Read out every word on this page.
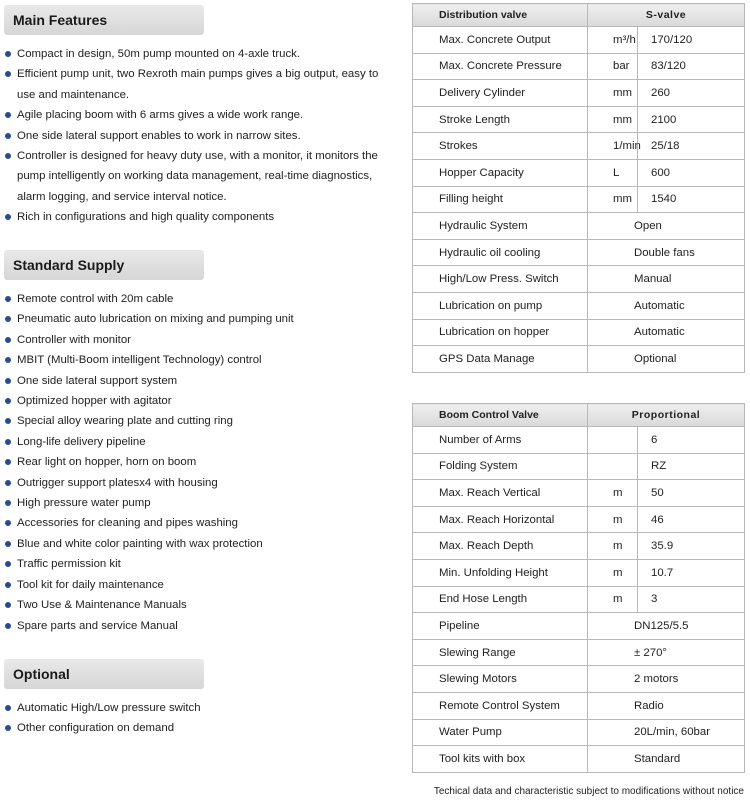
Main Features
Compact in design, 50m pump mounted on 4-axle truck.
Efficient pump unit, two Rexroth main pumps gives a big output, easy to use and maintenance.
Agile placing boom with 6 arms gives a wide work range.
One side lateral support enables to work in narrow sites.
Controller is designed for heavy duty use, with a monitor, it monitors the pump intelligently on working data management, real-time diagnostics, alarm logging, and service interval notice.
Rich in configurations and high quality components
Standard Supply
Remote control with 20m cable
Pneumatic auto lubrication on mixing and pumping unit
Controller with monitor
MBIT (Multi-Boom intelligent Technology) control
One side lateral support system
Optimized hopper with agitator
Special alloy wearing plate and cutting ring
Long-life delivery pipeline
Rear light on hopper, horn on boom
Outrigger support platesx4 with housing
High pressure water pump
Accessories for cleaning and pipes washing
Blue and white color painting with wax protection
Traffic permission kit
Tool kit for daily maintenance
Two Use & Maintenance Manuals
Spare parts and service Manual
Optional
Automatic High/Low pressure switch
Other configuration on demand
Distribution valve	S-valve	
Max. Concrete Output	m³/h	170/120
Max. Concrete Pressure	bar	83/120
Delivery Cylinder	mm	260
Stroke Length	mm	2100
Strokes	1/min	25/18
Hopper Capacity	L	600
Filling height	mm	1540
Hydraulic System	Open	
Hydraulic oil cooling	Double fans	
High/Low Press. Switch	Manual	
Lubrication on pump	Automatic	
Lubrication on hopper	Automatic	
GPS Data Manage	Optional	
Boom Control Valve	Proportional	
Number of Arms		6
Folding System		RZ
Max. Reach Vertical	m	50
Max. Reach Horizontal	m	46
Max. Reach Depth	m	35.9
Min. Unfolding Height	m	10.7
End Hose Length	m	3
Pipeline	DN125/5.5	
Slewing Range	± 270°	
Slewing Motors	2 motors	
Remote Control System	Radio	
Water Pump	20L/min, 60bar	
Tool kits with box	Standard	
Techical data and characteristic subject to modifications without notice
